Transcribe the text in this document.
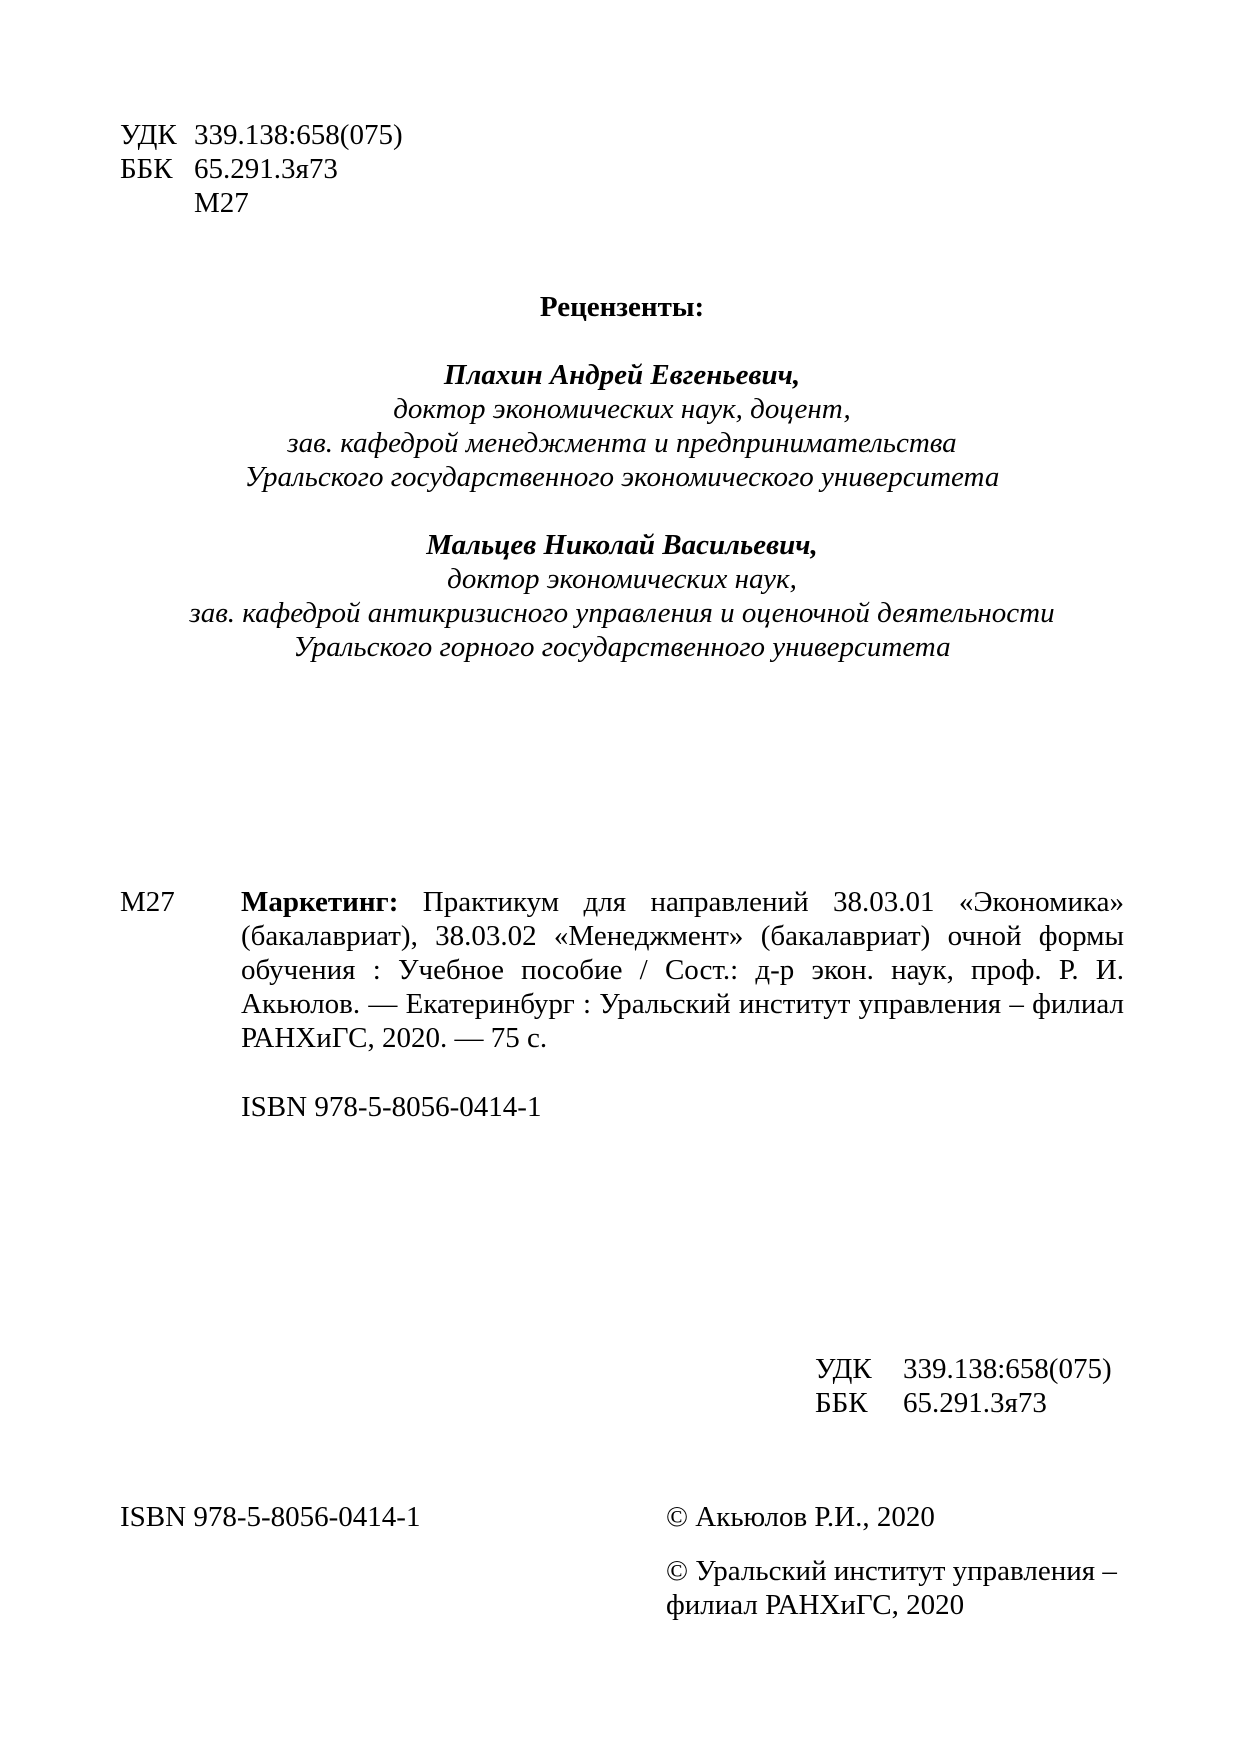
УДК 339.138:658(075)
ББК 65.291.3я73
М27
Рецензенты:
Плахин Андрей Евгеньевич,
доктор экономических наук, доцент,
зав. кафедрой менеджмента и предпринимательства
Уральского государственного экономического университета
Мальцев Николай Васильевич,
доктор экономических наук,
зав. кафедрой антикризисного управления и оценочной деятельности
Уральского горного государственного университета
М27 Маркетинг: Практикум для направлений 38.03.01 «Экономика» (бакалавриат), 38.03.02 «Менеджмент» (бакалавриат) очной формы обучения : Учебное пособие / Сост.: д-р экон. наук, проф. Р. И. Акьюлов. — Екатеринбург : Уральский институт управления – филиал РАНХиГС, 2020. — 75 с.
ISBN 978-5-8056-0414-1
УДК	339.138:658(075)
ББК	65.291.3я73
ISBN 978-5-8056-0414-1	© Акьюлов Р.И., 2020
© Уральский институт управления – филиал РАНХиГС, 2020
